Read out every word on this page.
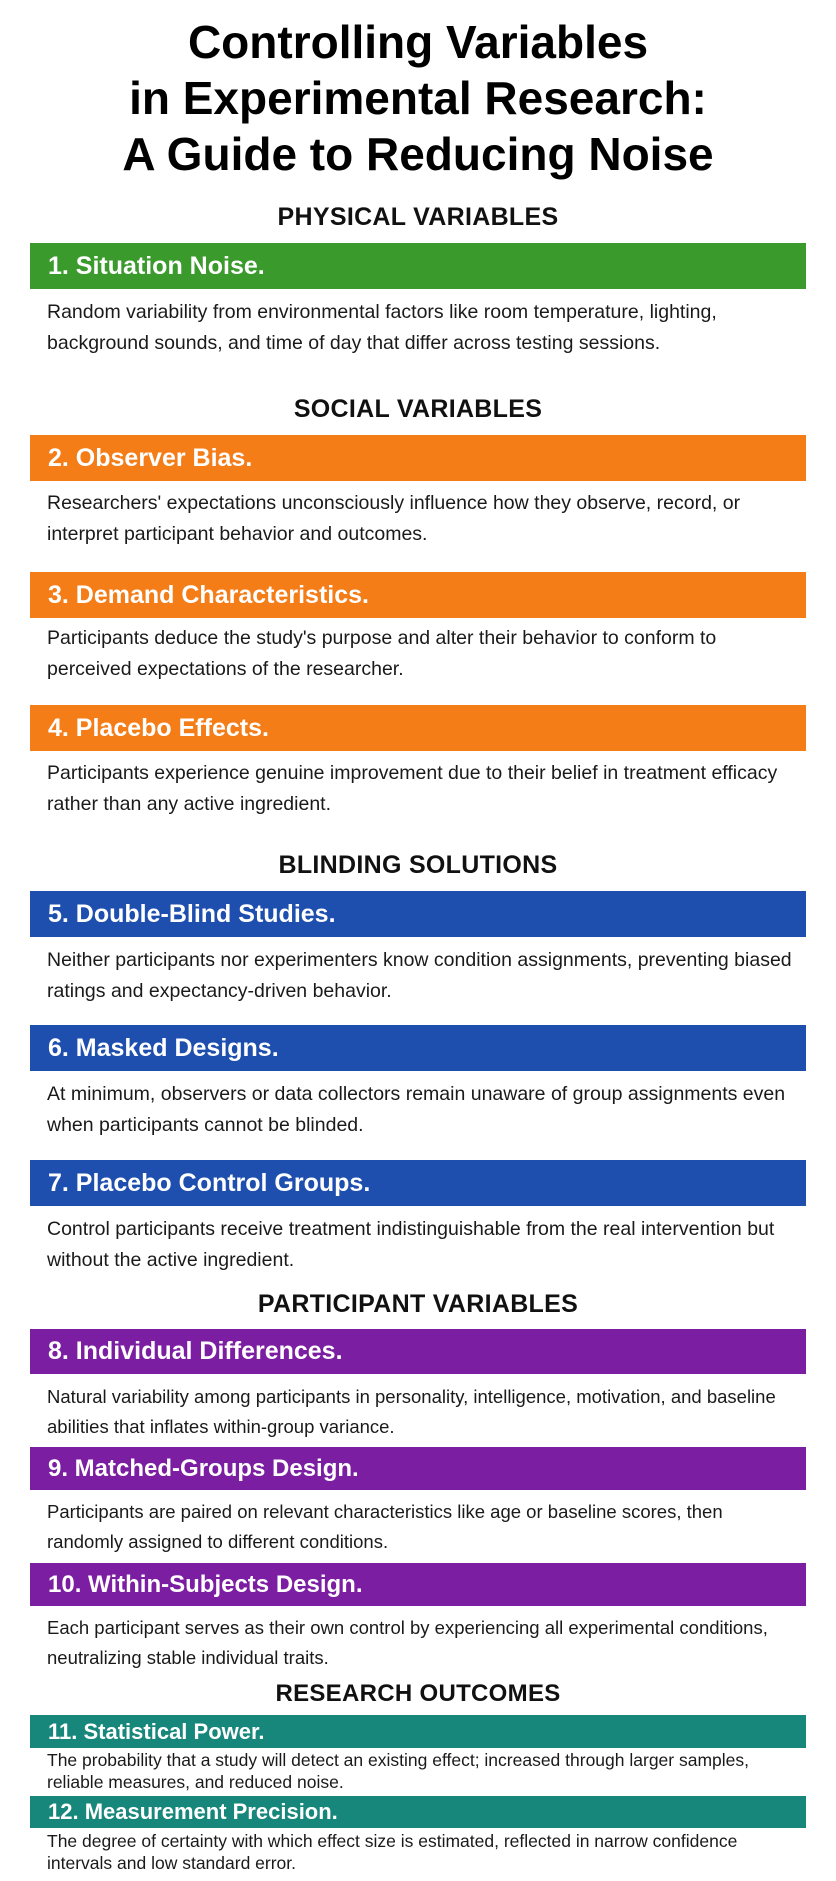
Controlling Variables
in Experimental Research:
A Guide to Reducing Noise
PHYSICAL VARIABLES
1. Situation Noise.
Random variability from environmental factors like room temperature, lighting, background sounds, and time of day that differ across testing sessions.
SOCIAL VARIABLES
2. Observer Bias.
Researchers' expectations unconsciously influence how they observe, record, or interpret participant behavior and outcomes.
3. Demand Characteristics.
Participants deduce the study's purpose and alter their behavior to conform to perceived expectations of the researcher.
4. Placebo Effects.
Participants experience genuine improvement due to their belief in treatment efficacy rather than any active ingredient.
BLINDING SOLUTIONS
5. Double-Blind Studies.
Neither participants nor experimenters know condition assignments, preventing biased ratings and expectancy-driven behavior.
6. Masked Designs.
At minimum, observers or data collectors remain unaware of group assignments even when participants cannot be blinded.
7. Placebo Control Groups.
Control participants receive treatment indistinguishable from the real intervention but without the active ingredient.
PARTICIPANT VARIABLES
8. Individual Differences.
Natural variability among participants in personality, intelligence, motivation, and baseline abilities that inflates within-group variance.
9. Matched-Groups Design.
Participants are paired on relevant characteristics like age or baseline scores, then randomly assigned to different conditions.
10. Within-Subjects Design.
Each participant serves as their own control by experiencing all experimental conditions, neutralizing stable individual traits.
RESEARCH OUTCOMES
11. Statistical Power.
The probability that a study will detect an existing effect; increased through larger samples, reliable measures, and reduced noise.
12. Measurement Precision.
The degree of certainty with which effect size is estimated, reflected in narrow confidence intervals and low standard error.
